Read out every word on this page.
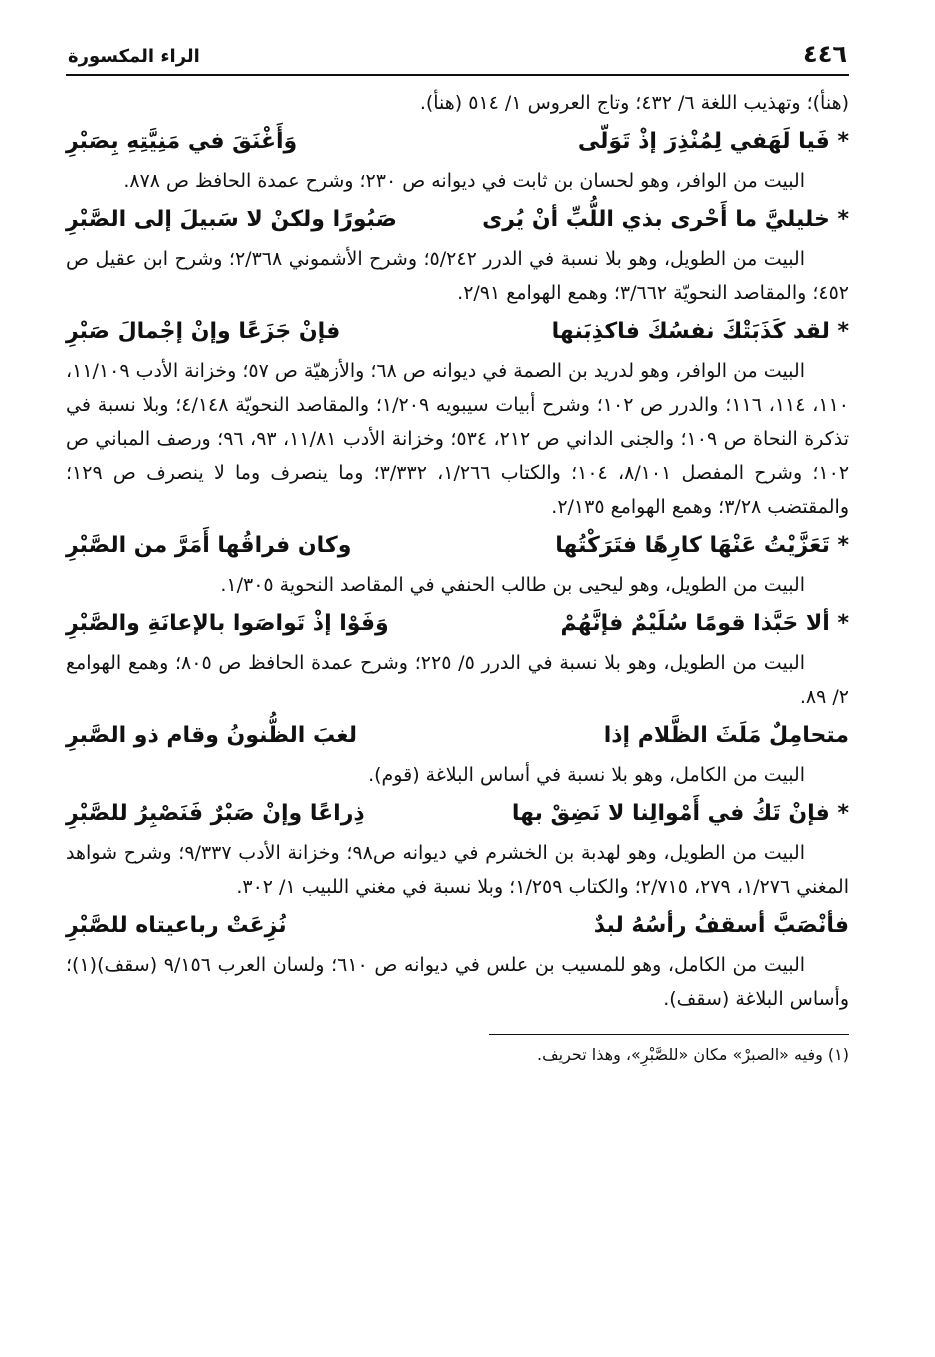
٤٤٦
الراء المكسورة

(هنأ)؛ وتهذيب اللغة ٦/ ٤٣٢؛ وتاج العروس ١/ ٥١٤ (هنأ).

* فَيا لَهَفي لِمُنْذِرَ إذْ تَوَلّى
وَأَغْنَقَ في مَنِيَّتِهِ بِصَبْرِ

البيت من الوافر، وهو لحسان بن ثابت في ديوانه ص ٢٣٠؛ وشرح عمدة الحافظ ص ٨٧٨.

* خليليَّ ما أَحْرى بذي اللُّبِّ أنْ يُرى
صَبُورًا ولكنْ لا سَبيلَ إلى الصَّبْرِ

البيت من الطويل، وهو بلا نسبة في الدرر ٥/٢٤٢؛ وشرح الأشموني ٢/٣٦٨؛ وشرح ابن عقيل ص ٤٥٢؛ والمقاصد النحويّة ٣/٦٦٢؛ وهمع الهوامع ٢/٩١.

* لقد كَذَبَتْكَ نفسُكَ فاكذِبَنها
فإنْ جَزَعًا وإنْ إجْمالَ صَبْرِ

البيت من الوافر، وهو لدريد بن الصمة في ديوانه ص ٦٨؛ والأزهيّة ص ٥٧؛ وخزانة الأدب ١١/١٠٩، ١١٠، ١١٤، ١١٦؛ والدرر ص ١٠٢؛ وشرح أبيات سيبويه ١/٢٠٩؛ والمقاصد النحويّة ٤/١٤٨؛ وبلا نسبة في تذكرة النحاة ص ١٠٩؛ والجنى الداني ص ٢١٢، ٥٣٤؛ وخزانة الأدب ١١/٨١، ٩٣، ٩٦؛ ورصف المباني ص ١٠٢؛ وشرح المفصل ٨/١٠١، ١٠٤؛ والكتاب ١/٢٦٦، ٣/٣٣٢؛ وما ينصرف وما لا ينصرف ص ١٢٩؛ والمقتضب ٣/٢٨؛ وهمع الهوامع ٢/١٣٥.

* تَعَزَّيْتُ عَنْهَا كارِهًا فتَرَكْتُها
وكان فراقُها أَمَرَّ من الصَّبْرِ

البيت من الطويل، وهو ليحيى بن طالب الحنفي في المقاصد النحوية ١/٣٠٥.

* ألا حَبَّذا قومًا سُلَيْمٌ فإنَّهُمْ
وَفَوْا إذْ تَواصَوا بالإعانَةِ والصَّبْرِ

البيت من الطويل، وهو بلا نسبة في الدرر ٥/ ٢٢٥؛ وشرح عمدة الحافظ ص ٨٠٥؛ وهمع الهوامع ٢/ ٨٩.

متحامِلٌ مَلَثَ الظَّلام إذا
لغبَ الظُّنونُ وقام ذو الصَّبرِ

البيت من الكامل، وهو بلا نسبة في أساس البلاغة (قوم).

* فإنْ تَكُ في أَمْوالِنا لا نَضِقْ بها
ذِراعًا وإنْ صَبْرٌ فَنَصْبِرُ للصَّبْرِ

البيت من الطويل، وهو لهدبة بن الخشرم في ديوانه ص٩٨؛ وخزانة الأدب ٩/٣٣٧؛ وشرح شواهد المغني ١/٢٧٦، ٢٧٩، ٢/٧١٥؛ والكتاب ١/٢٥٩؛ وبلا نسبة في مغني اللبيب ١/ ٣٠٢.

فأنْصَبَّ أسقفُ رأسُهُ لبدٌ
نُزِعَتْ رباعيتاه للصَّبْرِ

البيت من الكامل، وهو للمسيب بن علس في ديوانه ص ٦١٠؛ ولسان العرب ٩/١٥٦ (سقف)(١)؛ وأساس البلاغة (سقف).

(١) وفيه «الصبرْ» مكان «للصَّبْرِ»، وهذا تحريف.
